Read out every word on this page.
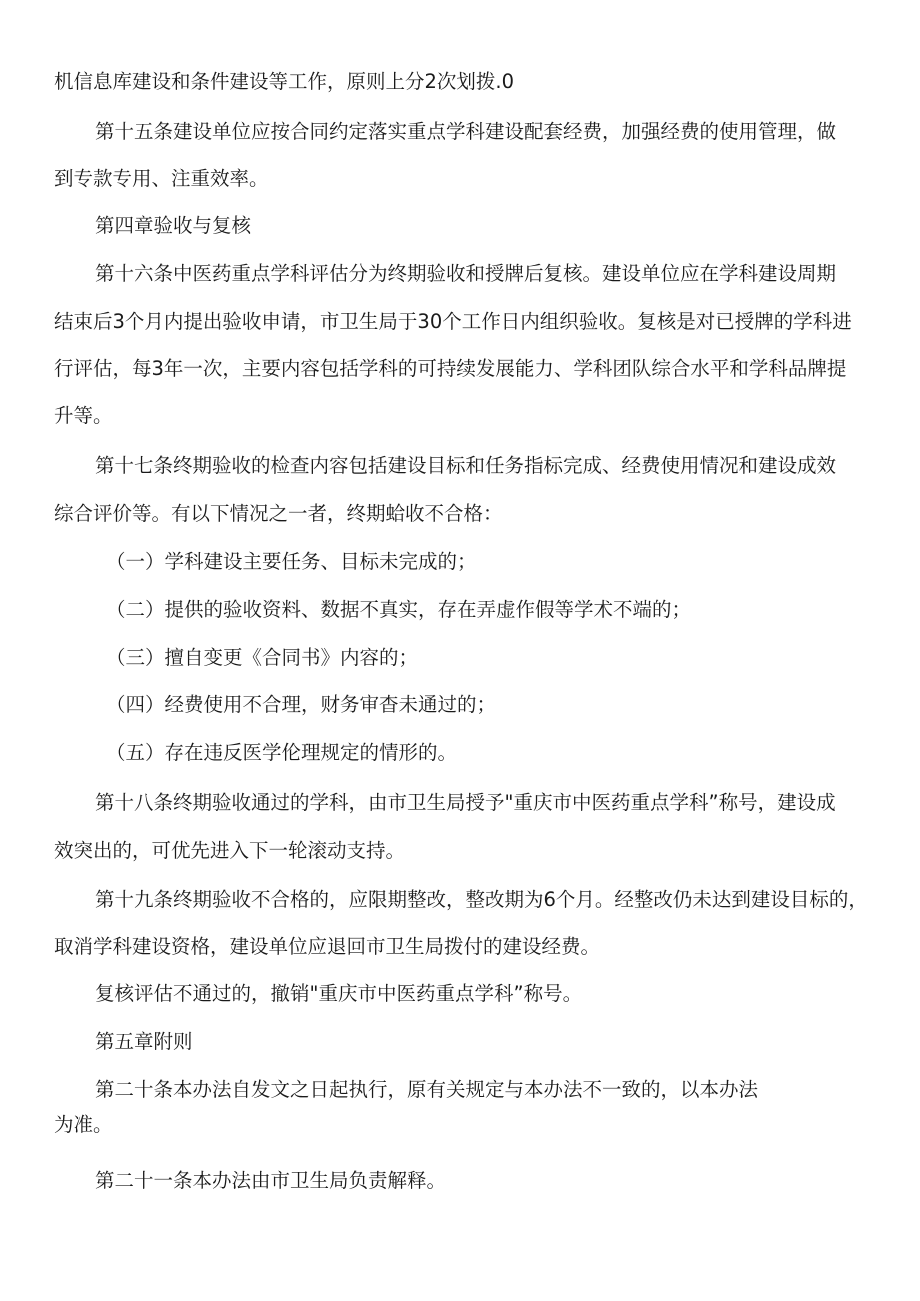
机信息库建设和条件建设等工作，原则上分2次划拨.0
第十五条建设单位应按合同约定落实重点学科建设配套经费，加强经费的使用管理，做
到专款专用、注重效率。
第四章验收与复核
第十六条中医药重点学科评估分为终期验收和授牌后复核。建设单位应在学科建设周期
结束后3个月内提出验收申请，市卫生局于30个工作日内组织验收。复核是对已授牌的学科进
行评估，每3年一次，主要内容包括学科的可持续发展能力、学科团队综合水平和学科品牌提
升等。
第十七条终期验收的检查内容包括建设目标和任务指标完成、经费使用情况和建设成效
综合评价等。有以下情况之一者，终期蛤收不合格：
（一）学科建设主要任务、目标未完成的；
（二）提供的验收资料、数据不真实，存在弄虚作假等学术不端的；
（三）擅自变更《合同书》内容的；
（四）经费使用不合理，财务审杳未通过的；
（五）存在违反医学伦理规定的情形的。
第十八条终期验收通过的学科，由市卫生局授予"重庆市中医药重点学科”称号，建设成
效突出的，可优先进入下一轮滚动支持。
第十九条终期验收不合格的，应限期整改，整改期为6个月。经整改仍未达到建设目标的，
取消学科建设资格，建设单位应退回市卫生局拨付的建设经费。
复核评估不通过的，撤销"重庆市中医药重点学科”称号。
第五章附则
第二十条本办法自发文之日起执行，原有关规定与本办法不一致的，以本办法
为准。
第二十一条本办法由市卫生局负责解释。
